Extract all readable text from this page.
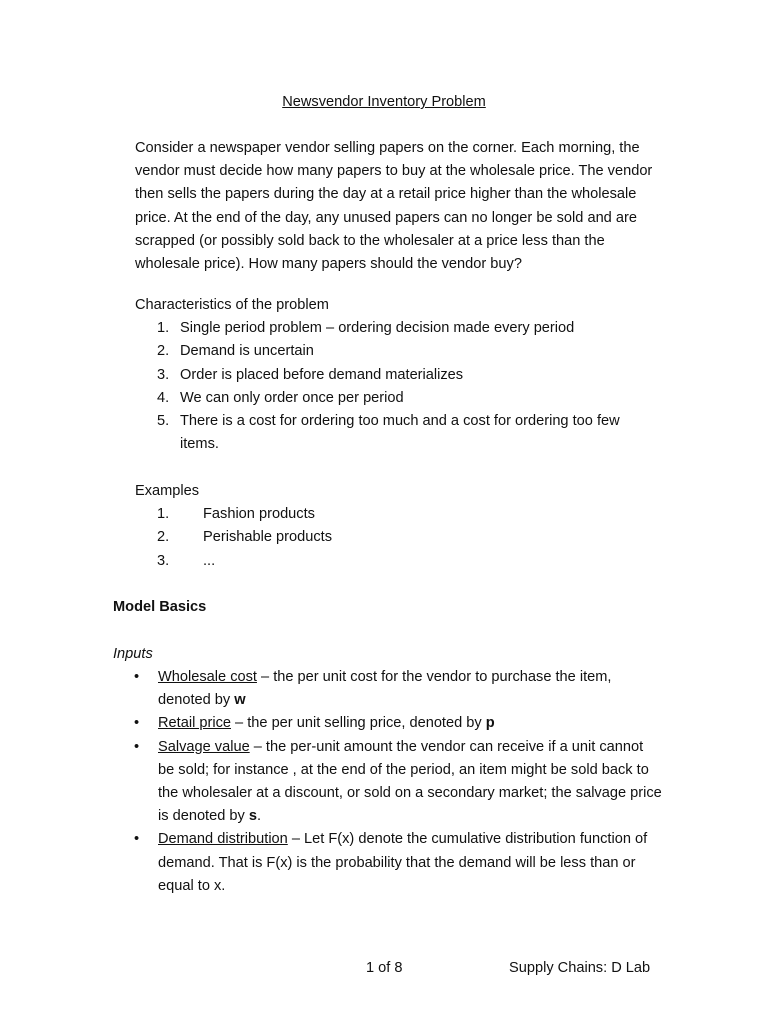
Newsvendor Inventory Problem

Consider a newspaper vendor selling papers on the corner. Each morning, the vendor must decide how many papers to buy at the wholesale price. The vendor then sells the papers during the day at a retail price higher than the wholesale price. At the end of the day, any unused papers can no longer be sold and are scrapped (or possibly sold back to the wholesaler at a price less than the wholesale price). How many papers should the vendor buy?

Characteristics of the problem

1. Single period problem – ordering decision made every period
2. Demand is uncertain
3. Order is placed before demand materializes
4. We can only order once per period
5. There is a cost for ordering too much and a cost for ordering too few items.

Examples

1. Fashion products
2. Perishable products
3. ...
Model Basics
Inputs
• Wholesale cost – the per unit cost for the vendor to purchase the item, denoted by w
• Retail price – the per unit selling price, denoted by p
• Salvage value – the per-unit amount the vendor can receive if a unit cannot be sold; for instance , at the end of the period, an item might be sold back to the wholesaler at a discount, or sold on a secondary market; the salvage price is denoted by s.
• Demand distribution – Let F(x) denote the cumulative distribution function of demand. That is F(x) is the probability that the demand will be less than or equal to x.
1 of 8	Supply Chains: D Lab
